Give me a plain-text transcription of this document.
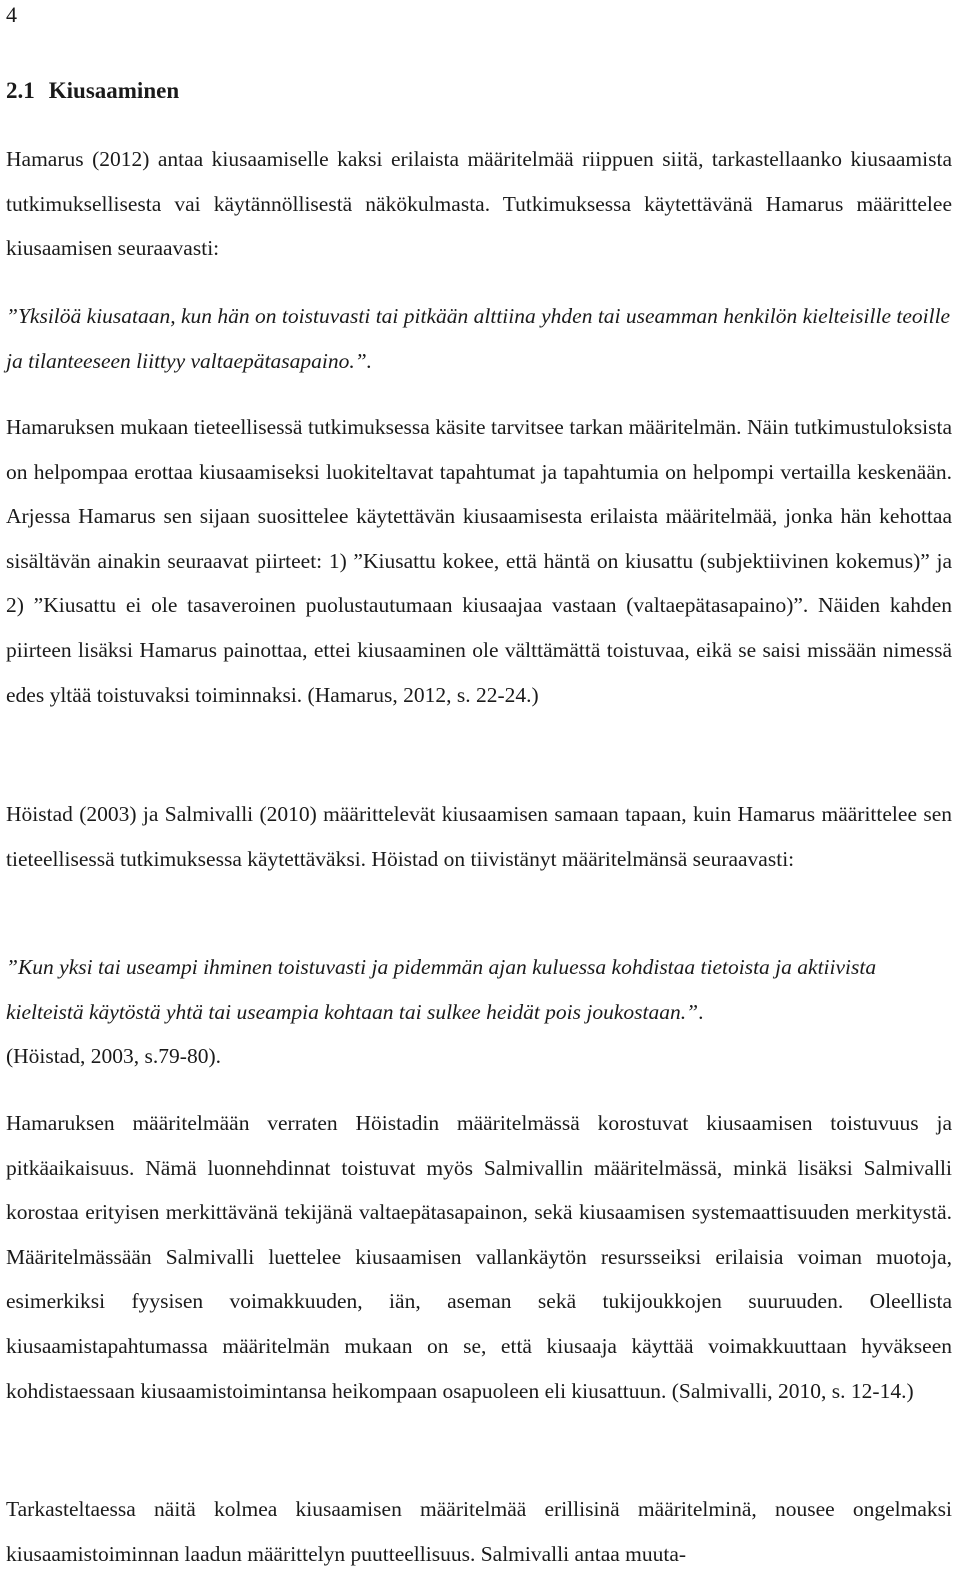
4
2.1 Kiusaaminen

Hamarus (2012) antaa kiusaamiselle kaksi erilaista määritelmää riippuen siitä, tarkastellaanko kiusaamista tutkimuksellisesta vai käytännöllisestä näkökulmasta. Tutkimuksessa käytettävänä Hamarus määrittelee kiusaamisen seuraavasti:

”Yksilöä kiusataan, kun hän on toistuvasti tai pitkään alttiina yhden tai useamman henkilön kielteisille teoille ja tilanteeseen liittyy valtaepätasapaino.”.

Hamaruksen mukaan tieteellisessä tutkimuksessa käsite tarvitsee tarkan määritelmän. Näin tutkimustuloksista on helpompaa erottaa kiusaamiseksi luokiteltavat tapahtumat ja tapahtumia on helpompi vertailla keskenään. Arjessa Hamarus sen sijaan suosittelee käytettävän kiusaamisesta erilaista määritelmää, jonka hän kehottaa sisältävän ainakin seuraavat piirteet: 1) ”Kiusattu kokee, että häntä on kiusattu (subjektiivinen kokemus)” ja 2) ”Kiusattu ei ole tasaveroinen puolustautumaan kiusaajaa vastaan (valtaepätasapaino)”. Näiden kahden piirteen lisäksi Hamarus painottaa, ettei kiusaaminen ole välttämättä toistuvaa, eikä se saisi missään nimessä edes yltää toistuvaksi toiminnaksi. (Hamarus, 2012, s. 22-24.)

Höistad (2003) ja Salmivalli (2010) määrittelevät kiusaamisen samaan tapaan, kuin Hamarus määrittelee sen tieteellisessä tutkimuksessa käytettäväksi. Höistad on tiivistänyt määritelmänsä seuraavasti:

”Kun yksi tai useampi ihminen toistuvasti ja pidemmän ajan kuluessa kohdistaa tietoista ja aktiivista kielteistä käytöstä yhtä tai useampia kohtaan tai sulkee heidät pois joukostaan.”.
(Höistad, 2003, s.79-80).

Hamaruksen määritelmään verraten Höistadin määritelmässä korostuvat kiusaamisen toistuvuus ja pitkäaikaisuus. Nämä luonnehdinnat toistuvat myös Salmivallin määritelmässä, minkä lisäksi Salmivalli korostaa erityisen merkittävänä tekijänä valtaepätasapainon, sekä kiusaamisen systemaattisuuden merkitystä. Määritelmässään Salmivalli luettelee kiusaamisen vallankäytön resursseiksi erilaisia voiman muotoja, esimerkiksi fyysisen voimakkuuden, iän, aseman sekä tukijoukkojen suuruuden. Oleellista kiusaamistapahtumassa määritelmän mukaan on se, että kiusaaja käyttää voimakkuuttaan hyväkseen kohdistaessaan kiusaamistoimintansa heikompaan osapuoleen eli kiusattuun. (Salmivalli, 2010, s. 12-14.)

Tarkasteltaessa näitä kolmea kiusaamisen määritelmää erillisinä määritelminä, nousee ongelmaksi kiusaamistoiminnan laadun määrittelyn puutteellisuus. Salmivalli antaa muuta-
